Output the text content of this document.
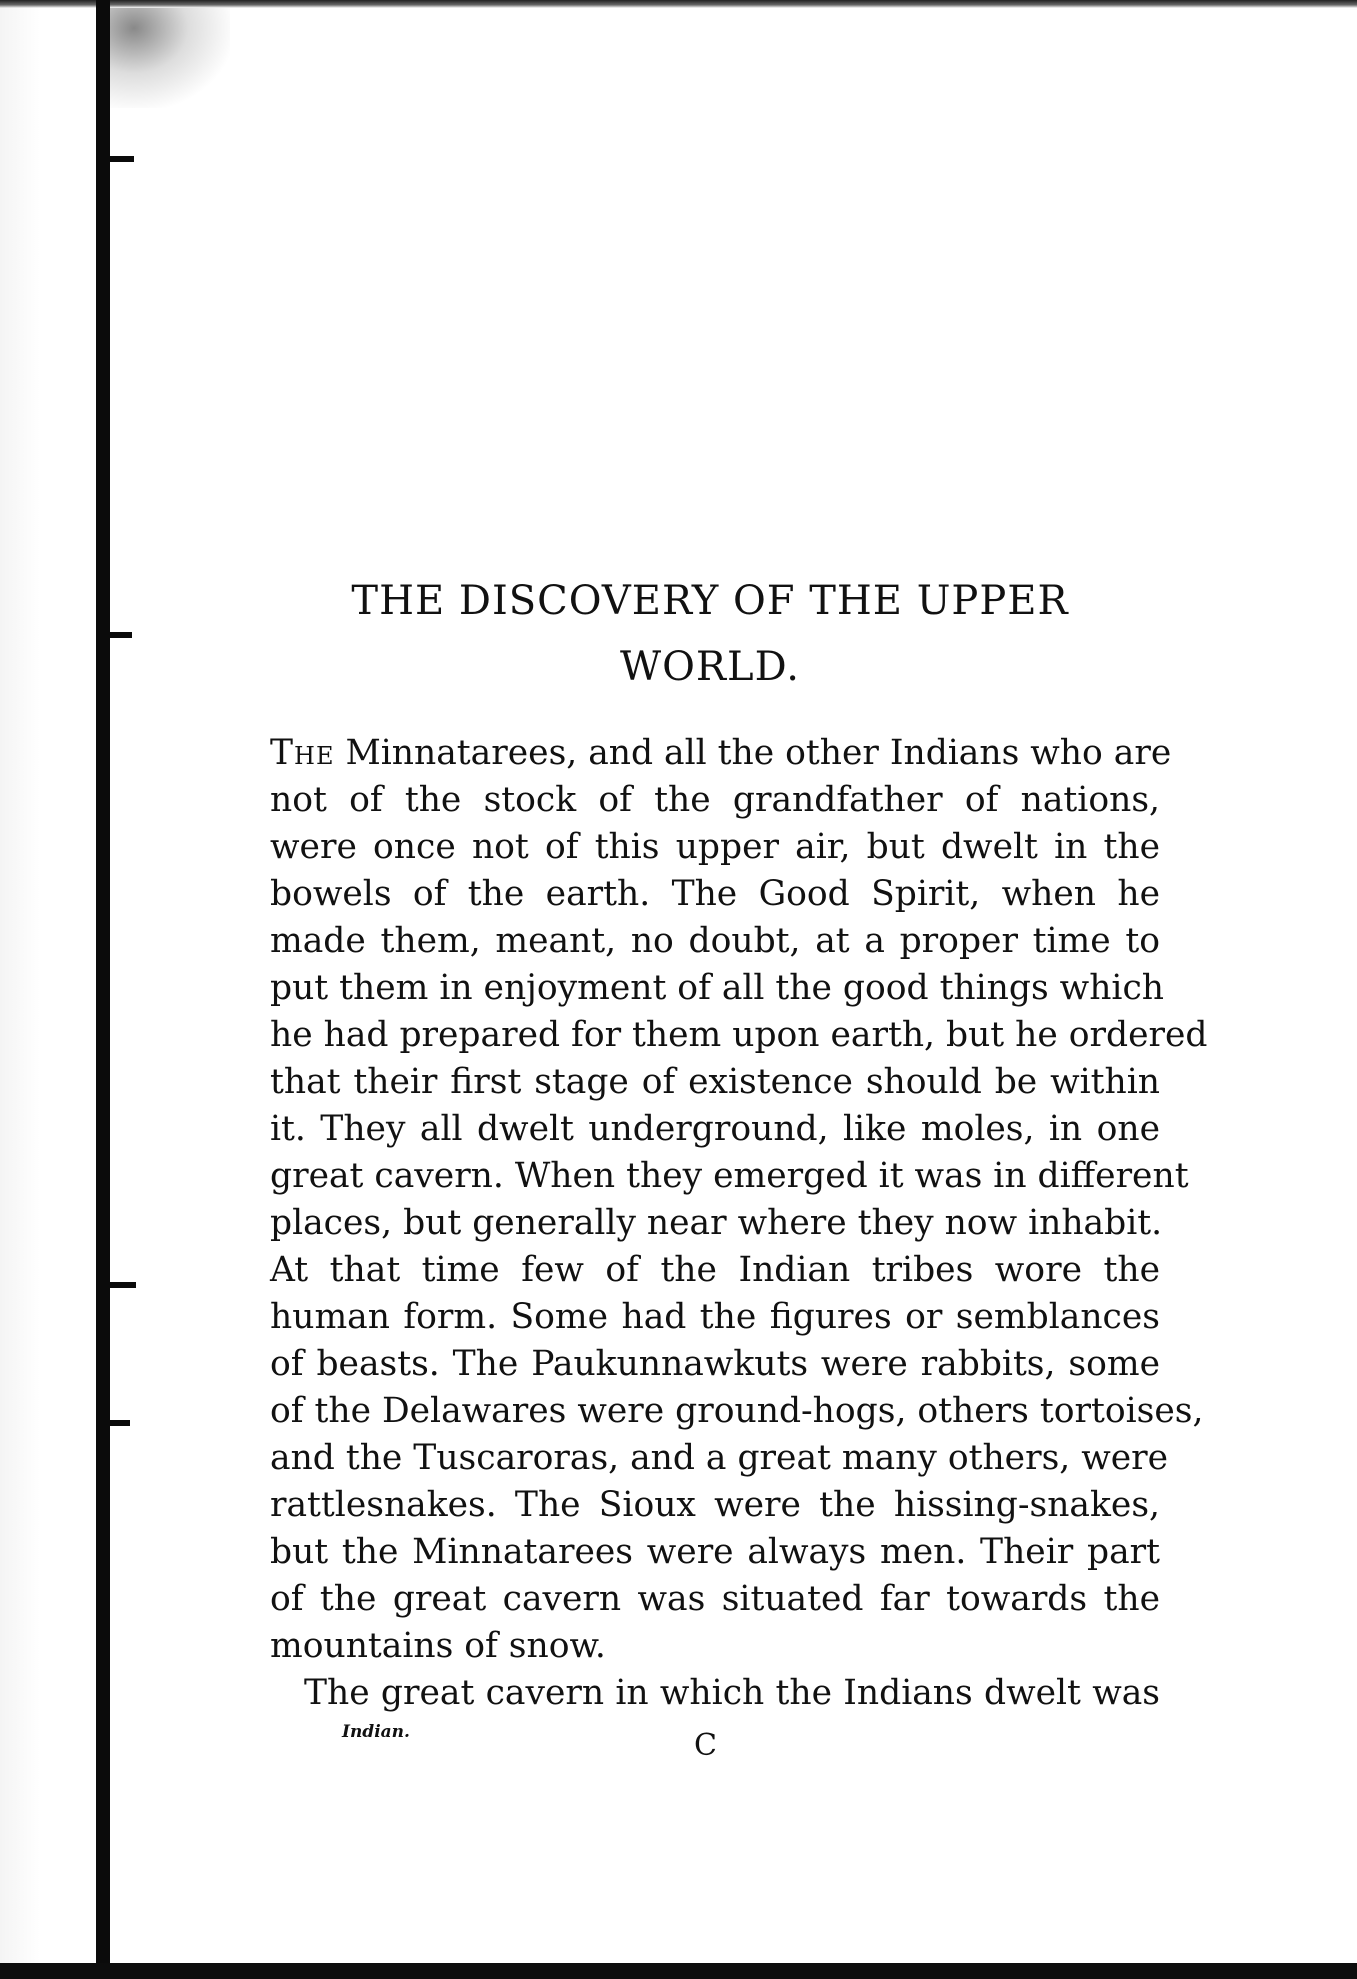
THE DISCOVERY OF THE UPPER
WORLD.
The Minnatarees, and all the other Indians who are
not of the stock of the grandfather of nations,
were once not of this upper air, but dwelt in the
bowels of the earth. The Good Spirit, when he
made them, meant, no doubt, at a proper time to
put them in enjoyment of all the good things which
he had prepared for them upon earth, but he ordered
that their first stage of existence should be within
it. They all dwelt underground, like moles, in one
great cavern. When they emerged it was in different
places, but generally near where they now inhabit.
At that time few of the Indian tribes wore the
human form. Some had the figures or semblances
of beasts. The Paukunnawkuts were rabbits, some
of the Delawares were ground-hogs, others tortoises,
and the Tuscaroras, and a great many others, were
rattlesnakes. The Sioux were the hissing-snakes,
but the Minnatarees were always men. Their part
of the great cavern was situated far towards the
mountains of snow.
The great cavern in which the Indians dwelt was

Indian.	C
